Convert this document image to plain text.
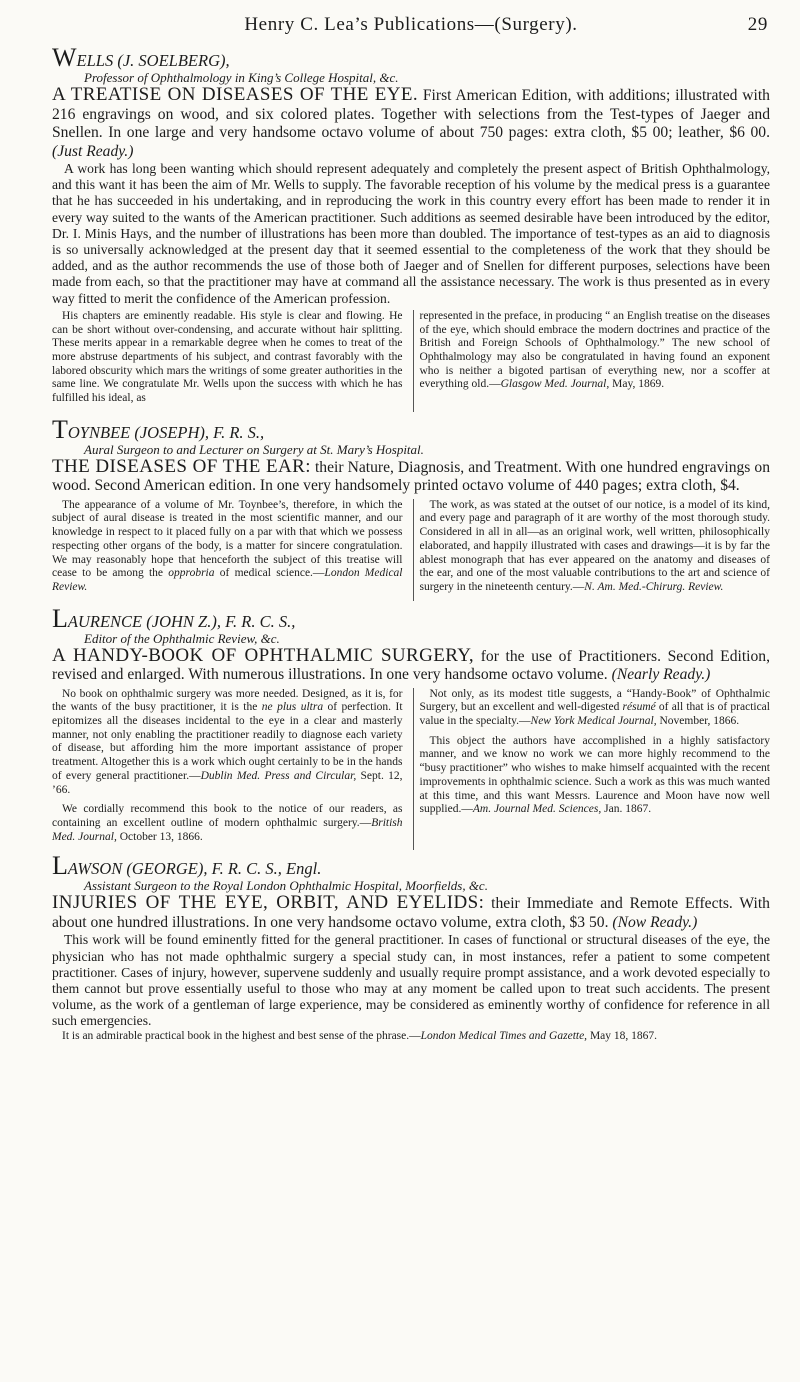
Henry C. Lea’s Publications—(Surgery).	29
WELLS (J. SOELBERG),
Professor of Ophthalmology in King’s College Hospital, &c.
A TREATISE ON DISEASES OF THE EYE. First American Edition, with additions; illustrated with 216 engravings on wood, and six colored plates. Together with selections from the Test-types of Jaeger and Snellen. In one large and very handsome octavo volume of about 750 pages: extra cloth, $5 00; leather, $6 00. (Just Ready.)
A work has long been wanting which should represent adequately and completely the present aspect of British Ophthalmology, and this want it has been the aim of Mr. Wells to supply. The favorable reception of his volume by the medical press is a guarantee that he has succeeded in his undertaking, and in reproducing the work in this country every effort has been made to render it in every way suited to the wants of the American practitioner. Such additions as seemed desirable have been introduced by the editor, Dr. I. Minis Hays, and the number of illustrations has been more than doubled. The importance of test-types as an aid to diagnosis is so universally acknowledged at the present day that it seemed essential to the completeness of the work that they should be added, and as the author recommends the use of those both of Jaeger and of Snellen for different purposes, selections have been made from each, so that the practitioner may have at command all the assistance necessary. The work is thus presented as in every way fitted to merit the confidence of the American profession.

His chapters are eminently readable. His style is clear and flowing. He can be short without over-condensing, and accurate without hair splitting. These merits appear in a remarkable degree when he comes to treat of the more abstruse departments of his subject, and contrast favorably with the labored obscurity which mars the writings of some greater authorities in the same line. We congratulate Mr. Wells upon the success with which he has fulfilled his ideal, as

represented in the preface, in producing “ an English treatise on the diseases of the eye, which should embrace the modern doctrines and practice of the British and Foreign Schools of Ophthalmology.” The new school of Ophthalmology may also be congratulated in having found an exponent who is neither a bigoted partisan of everything new, nor a scoffer at everything old.—Glasgow Med. Journal, May, 1869.

TOYNBEE (JOSEPH), F. R. S.,
Aural Surgeon to and Lecturer on Surgery at St. Mary’s Hospital.
THE DISEASES OF THE EAR: their Nature, Diagnosis, and Treatment. With one hundred engravings on wood. Second American edition. In one very handsomely printed octavo volume of 440 pages; extra cloth, $4.

The appearance of a volume of Mr. Toynbee’s, therefore, in which the subject of aural disease is treated in the most scientific manner, and our knowledge in respect to it placed fully on a par with that which we possess respecting other organs of the body, is a matter for sincere congratulation. We may reasonably hope that henceforth the subject of this treatise will cease to be among the opprobria of medical science.—London Medical Review.

The work, as was stated at the outset of our notice, is a model of its kind, and every page and paragraph of it are worthy of the most thorough study. Considered in all in all—as an original work, well written, philosophically elaborated, and happily illustrated with cases and drawings—it is by far the ablest monograph that has ever appeared on the anatomy and diseases of the ear, and one of the most valuable contributions to the art and science of surgery in the nineteenth century.—N. Am. Med.-Chirurg. Review.

LAURENCE (JOHN Z.), F. R. C. S.,
Editor of the Ophthalmic Review, &c.
A HANDY-BOOK OF OPHTHALMIC SURGERY, for the use of Practitioners. Second Edition, revised and enlarged. With numerous illustrations. In one very handsome octavo volume. (Nearly Ready.)

No book on ophthalmic surgery was more needed. Designed, as it is, for the wants of the busy practitioner, it is the ne plus ultra of perfection. It epitomizes all the diseases incidental to the eye in a clear and masterly manner, not only enabling the practitioner readily to diagnose each variety of disease, but affording him the more important assistance of proper treatment. Altogether this is a work which ought certainly to be in the hands of every general practitioner.—Dublin Med. Press and Circular, Sept. 12, ’66.

We cordially recommend this book to the notice of our readers, as containing an excellent outline of modern ophthalmic surgery.—British Med. Journal, October 13, 1866.

Not only, as its modest title suggests, a “Handy-Book” of Ophthalmic Surgery, but an excellent and well-digested résumé of all that is of practical value in the specialty.—New York Medical Journal, November, 1866.

This object the authors have accomplished in a highly satisfactory manner, and we know no work we can more highly recommend to the “busy practitioner” who wishes to make himself acquainted with the recent improvements in ophthalmic science. Such a work as this was much wanted at this time, and this want Messrs. Laurence and Moon have now well supplied.—Am. Journal Med. Sciences, Jan. 1867.

LAWSON (GEORGE), F. R. C. S., Engl.
Assistant Surgeon to the Royal London Ophthalmic Hospital, Moorfields, &c.
INJURIES OF THE EYE, ORBIT, AND EYELIDS: their Immediate and Remote Effects. With about one hundred illustrations. In one very handsome octavo volume, extra cloth, $3 50. (Now Ready.)
This work will be found eminently fitted for the general practitioner. In cases of functional or structural diseases of the eye, the physician who has not made ophthalmic surgery a special study can, in most instances, refer a patient to some competent practitioner. Cases of injury, however, supervene suddenly and usually require prompt assistance, and a work devoted especially to them cannot but prove essentially useful to those who may at any moment be called upon to treat such accidents. The present volume, as the work of a gentleman of large experience, may be considered as eminently worthy of confidence for reference in all such emergencies.
It is an admirable practical book in the highest and best sense of the phrase.—London Medical Times and Gazette, May 18, 1867.
